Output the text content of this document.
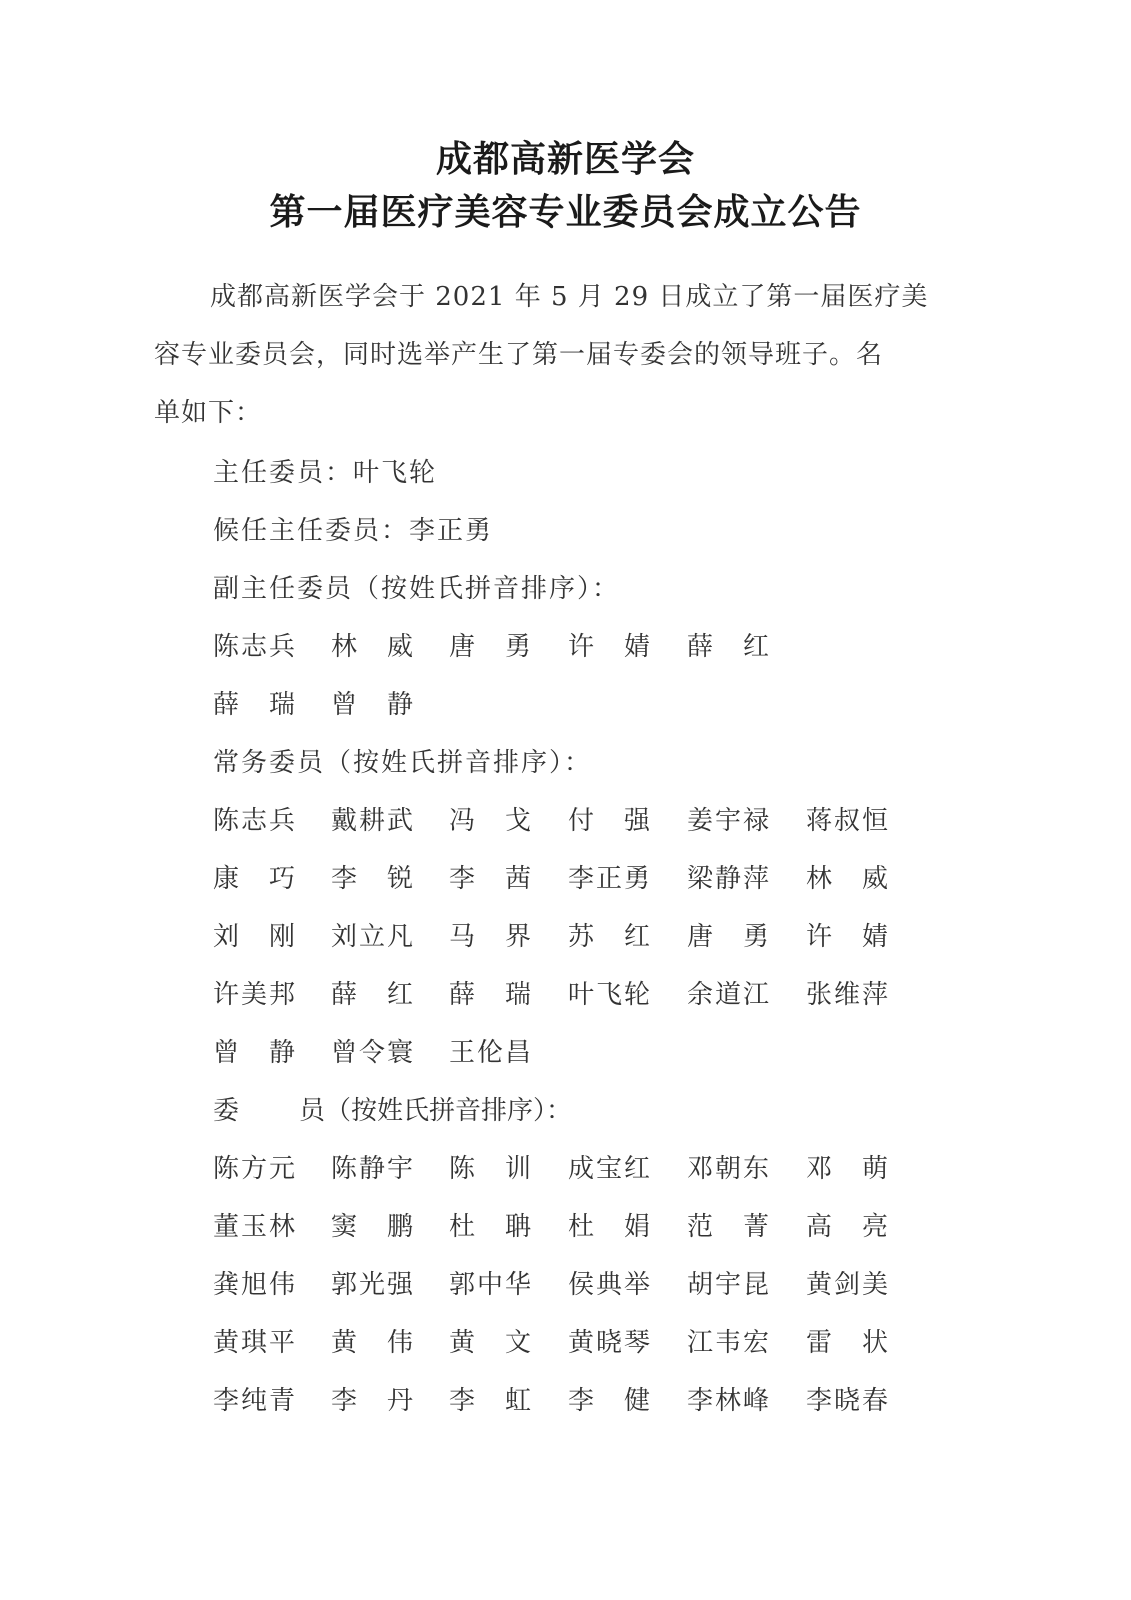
成都高新医学会
第一届医疗美容专业委员会成立公告
成都高新医学会于 2021 年 5 月 29 日成立了第一届医疗美
容专业委员会，同时选举产生了第一届专委会的领导班子。名
单如下：
主任委员：叶飞轮
候任主任委员：李正勇
副主任委员（按姓氏拼音排序）：
陈 志 兵 林 威 唐 勇 许 婧 薛 红
薛 瑞 曾 静
常务委员（按姓氏拼音排序）：
陈 志 兵 戴 耕 武 冯 戈 付 强 姜 宇 禄 蒋 叔 恒
康 巧 李 锐 李 茜 李 正 勇 梁 静 萍 林 威
刘 刚 刘 立 凡 马 界 苏 红 唐 勇 许 婧
许 美 邦 薛 红 薛 瑞 叶 飞 轮 余 道 江 张 维 萍
曾 静 曾 令 寰 王 伦 昌
委 员（按姓氏拼音排序）：
陈 方 元 陈 静 宇 陈 训 成 宝 红 邓 朝 东 邓 萌
董 玉 林 窦 鹏 杜 聃 杜 娟 范 菁 高 亮
龚 旭 伟 郭 光 强 郭 中 华 侯 典 举 胡 宇 昆 黄 剑 美
黄 琪 平 黄 伟 黄 文 黄 晓 琴 江 韦 宏 雷 状
李 纯 青 李 丹 李 虹 李 健 李 林 峰 李 晓 春
